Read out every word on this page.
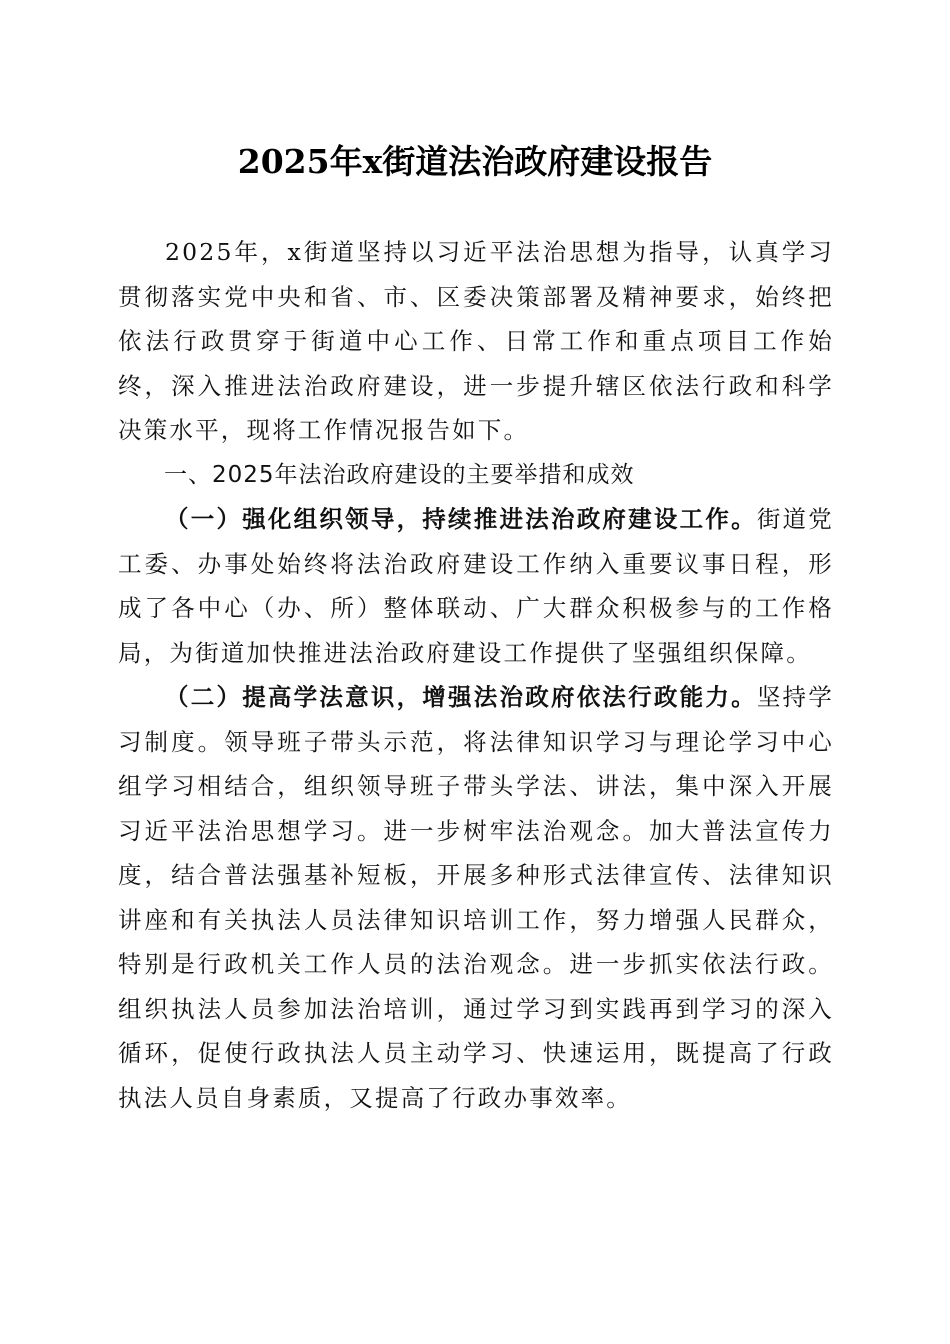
2025年x街道法治政府建设报告

2025年，x街道坚持以习近平法治思想为指导，认真学习贯彻落实党中央和省、市、区委决策部署及精神要求，始终把依法行政贯穿于街道中心工作、日常工作和重点项目工作始终，深入推进法治政府建设，进一步提升辖区依法行政和科学决策水平，现将工作情况报告如下。

一、2025年法治政府建设的主要举措和成效

（一）强化组织领导，持续推进法治政府建设工作。街道党工委、办事处始终将法治政府建设工作纳入重要议事日程，形成了各中心（办、所）整体联动、广大群众积极参与的工作格局，为街道加快推进法治政府建设工作提供了坚强组织保障。

（二）提高学法意识，增强法治政府依法行政能力。坚持学习制度。领导班子带头示范，将法律知识学习与理论学习中心组学习相结合，组织领导班子带头学法、讲法，集中深入开展习近平法治思想学习。进一步树牢法治观念。加大普法宣传力度，结合普法强基补短板，开展多种形式法律宣传、法律知识讲座和有关执法人员法律知识培训工作，努力增强人民群众，特别是行政机关工作人员的法治观念。进一步抓实依法行政。组织执法人员参加法治培训，通过学习到实践再到学习的深入循环，促使行政执法人员主动学习、快速运用，既提高了行政执法人员自身素质，又提高了行政办事效率。
